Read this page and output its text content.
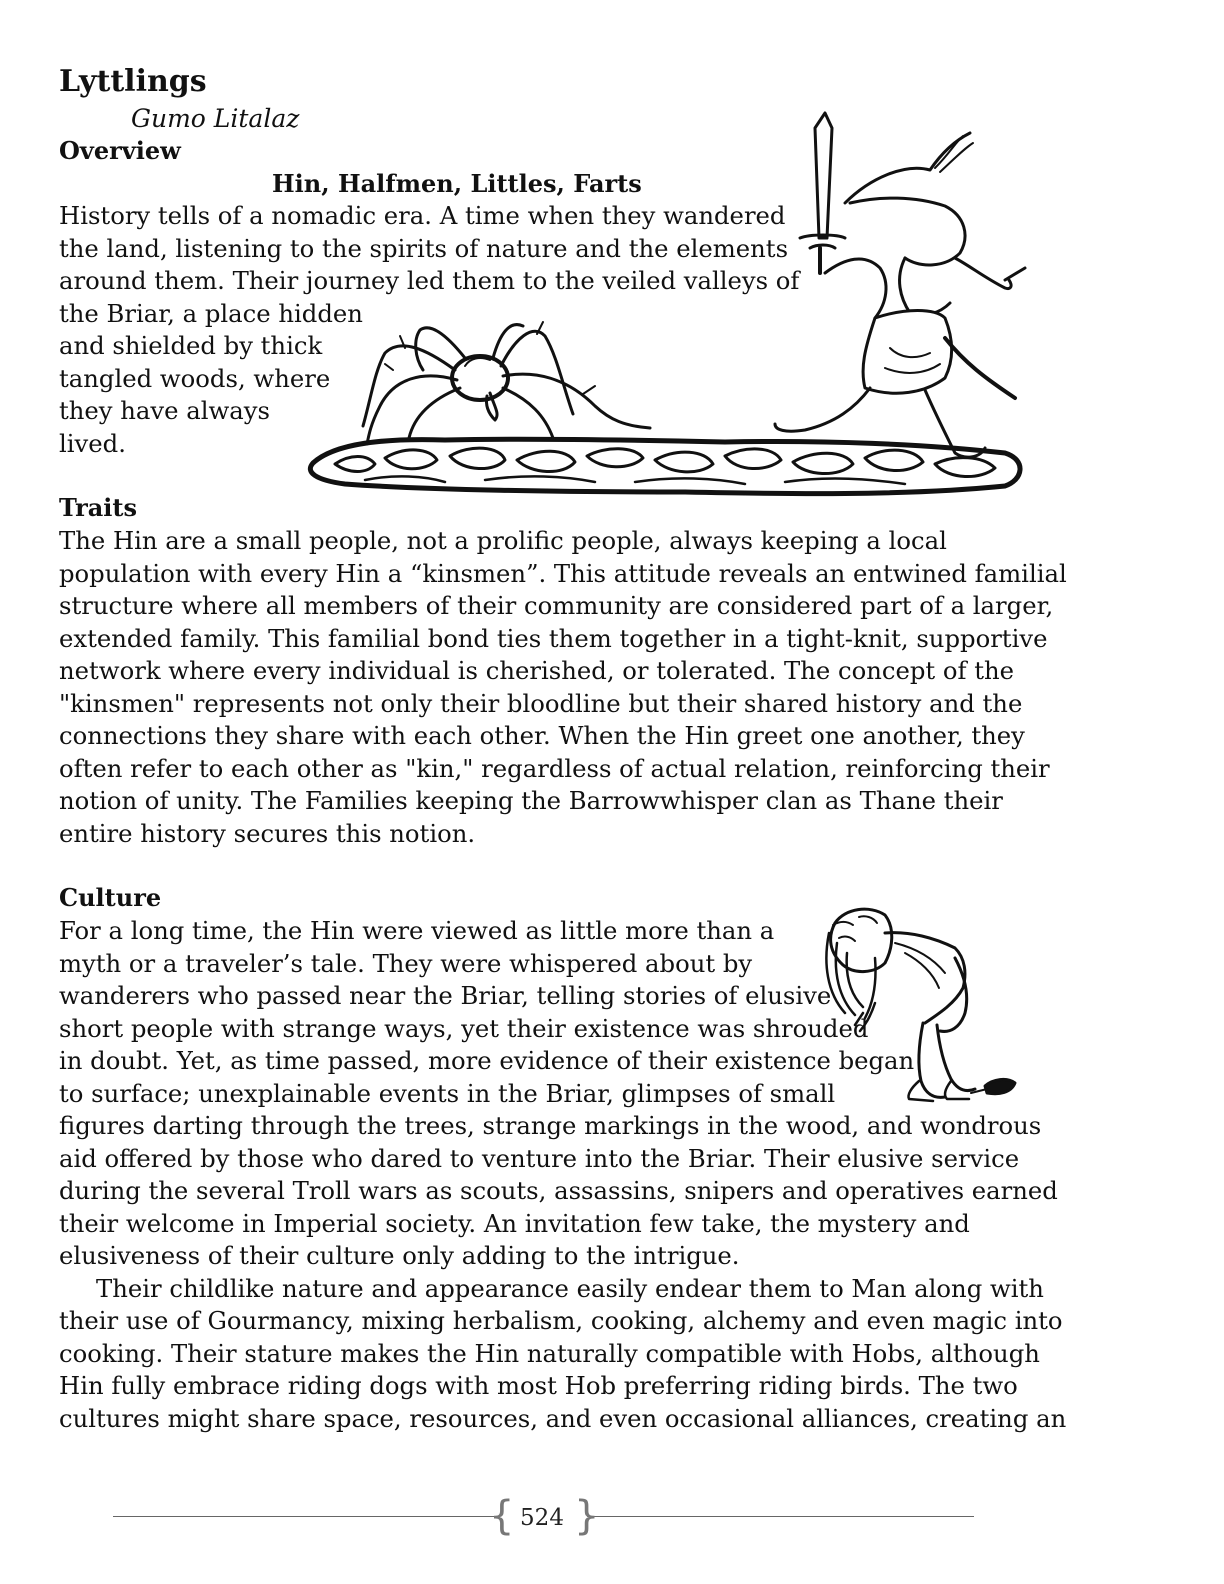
Lyttlings
Gumo Litalaz
Overview
Hin, Halfmen, Littles, Farts
History tells of a nomadic era. A time when they wandered
the land, listening to the spirits of nature and the elements
around them. Their journey led them to the veiled valleys of
the Briar, a place hidden
and shielded by thick
tangled woods, where
they have always
lived.
Traits
The Hin are a small people, not a prolific people, always keeping a local
population with every Hin a “kinsmen”. This attitude reveals an entwined familial
structure where all members of their community are considered part of a larger,
extended family. This familial bond ties them together in a tight-knit, supportive
network where every individual is cherished, or tolerated. The concept of the
"kinsmen" represents not only their bloodline but their shared history and the
connections they share with each other. When the Hin greet one another, they
often refer to each other as "kin," regardless of actual relation, reinforcing their
notion of unity. The Families keeping the Barrowwhisper clan as Thane their
entire history secures this notion.
Culture
For a long time, the Hin were viewed as little more than a
myth or a traveler’s tale. They were whispered about by
wanderers who passed near the Briar, telling stories of elusive
short people with strange ways, yet their existence was shrouded
in doubt. Yet, as time passed, more evidence of their existence began
to surface; unexplainable events in the Briar, glimpses of small
figures darting through the trees, strange markings in the wood, and wondrous
aid offered by those who dared to venture into the Briar. Their elusive service
during the several Troll wars as scouts, assassins, snipers and operatives earned
their welcome in Imperial society. An invitation few take, the mystery and
elusiveness of their culture only adding to the intrigue.
Their childlike nature and appearance easily endear them to Man along with
their use of Gourmancy, mixing herbalism, cooking, alchemy and even magic into
cooking. Their stature makes the Hin naturally compatible with Hobs, although
Hin fully embrace riding dogs with most Hob preferring riding birds. The two
cultures might share space, resources, and even occasional alliances, creating an
{ }
524
